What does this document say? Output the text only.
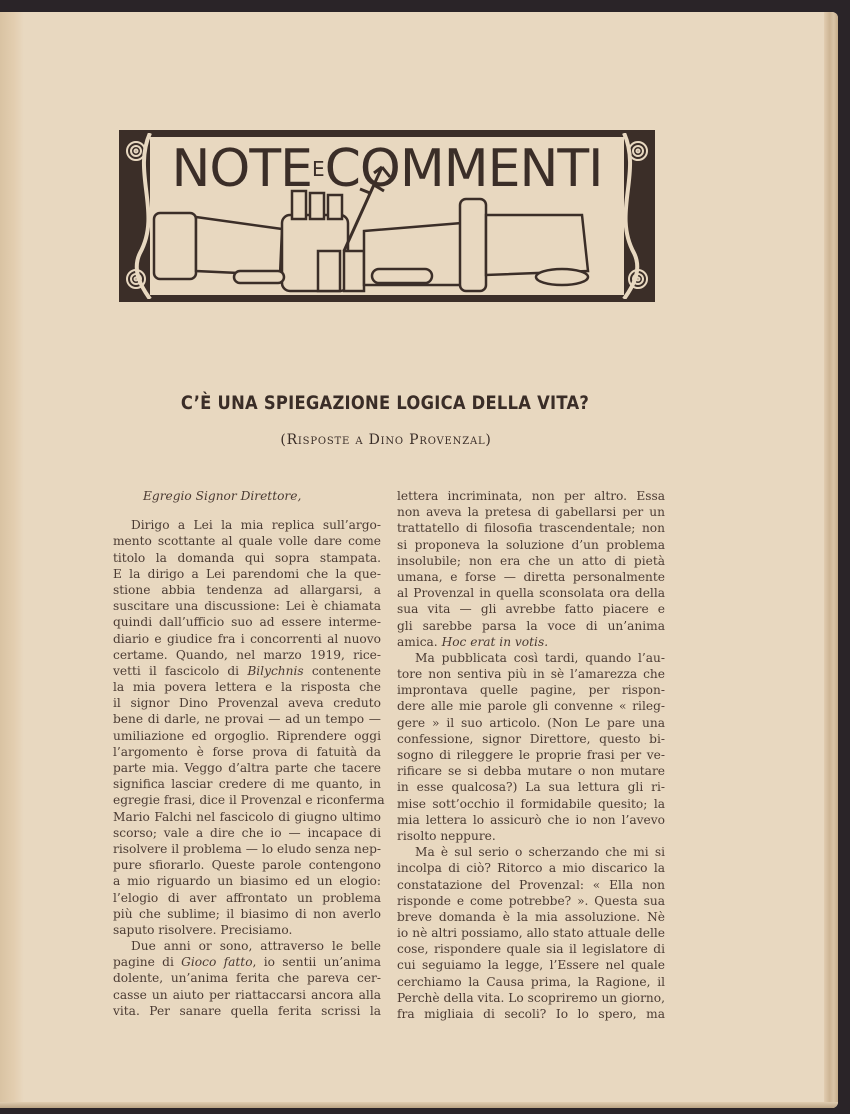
$NOTE^ECOMMENTI$
C’È UNA SPIEGAZIONE LOGICA DELLA VITA?
(Risposte a Dino Provenzal)

Egregio Signor Direttore,

Dirigo a Lei la mia replica sull’argo-
mento scottante al quale volle dare come
titolo la domanda qui sopra stampata.
E la dirigo a Lei parendomi che la que-
stione abbia tendenza ad allargarsi, a
suscitare una discussione: Lei è chiamata
quindi dall’ufficio suo ad essere interme-
diario e giudice fra i concorrenti al nuovo
certame. Quando, nel marzo 1919, rice-
vetti il fascicolo di Bilychnis contenente
la mia povera lettera e la risposta che
il signor Dino Provenzal aveva creduto
bene di darle, ne provai — ad un tempo —
umiliazione ed orgoglio. Riprendere oggi
l’argomento è forse prova di fatuità da
parte mia. Veggo d’altra parte che tacere
significa lasciar credere di me quanto, in
egregie frasi, dice il Provenzal e riconferma
Mario Falchi nel fascicolo di giugno ultimo
scorso; vale a dire che io — incapace di
risolvere il problema — lo eludo senza nep-
pure sfiorarlo. Queste parole contengono
a mio riguardo un biasimo ed un elogio:
l’elogio di aver affrontato un problema
più che sublime; il biasimo di non averlo
saputo risolvere. Precisiamo.
Due anni or sono, attraverso le belle
pagine di Gioco fatto, io sentii un’anima
dolente, un’anima ferita che pareva cer-
casse un aiuto per riattaccarsi ancora alla
vita. Per sanare quella ferita scrissi la
lettera incriminata, non per altro. Essa
non aveva la pretesa di gabellarsi per un
trattatello di filosofia trascendentale; non
si proponeva la soluzione d’un problema
insolubile; non era che un atto di pietà
umana, e forse — diretta personalmente
al Provenzal in quella sconsolata ora della
sua vita — gli avrebbe fatto piacere e
gli sarebbe parsa la voce di un’anima
amica. Hoc erat in votis.
Ma pubblicata così tardi, quando l’au-
tore non sentiva più in sè l’amarezza che
improntava quelle pagine, per rispon-
dere alle mie parole gli convenne « rileg-
gere » il suo articolo. (Non Le pare una
confessione, signor Direttore, questo bi-
sogno di rileggere le proprie frasi per ve-
rificare se si debba mutare o non mutare
in esse qualcosa?) La sua lettura gli ri-
mise sott’occhio il formidabile quesito; la
mia lettera lo assicurò che io non l’avevo
risolto neppure.
Ma è sul serio o scherzando che mi si
incolpa di ciò? Ritorco a mio discarico la
constatazione del Provenzal: « Ella non
risponde e come potrebbe? ». Questa sua
breve domanda è la mia assoluzione. Nè
io nè altri possiamo, allo stato attuale delle
cose, rispondere quale sia il legislatore di
cui seguiamo la legge, l’Essere nel quale
cerchiamo la Causa prima, la Ragione, il
Perchè della vita. Lo scopriremo un giorno,
fra migliaia di secoli? Io lo spero, ma
